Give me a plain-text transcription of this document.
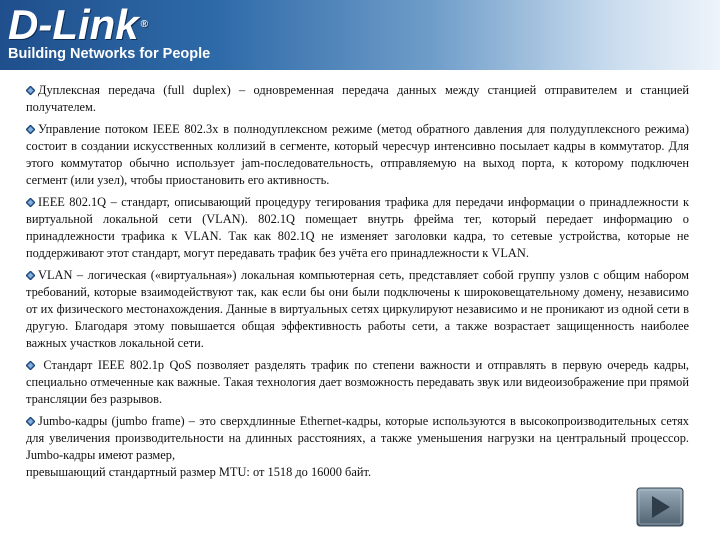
D-Link ®
Building Networks for People

Дуплексная передача (full duplex) – одновременная передача данных между станцией отправителем и станцией получателем.

Управление потоком IEEE 802.3x в полнодуплексном режиме (метод обратного давления для полудуплексного режима) состоит в создании искусственных коллизий в сегменте, который чересчур интенсивно посылает кадры в коммутатор. Для этого коммутатор обычно использует jam-последовательность, отправляемую на выход порта, к которому подключен сегмент (или узел), чтобы приостановить его активность.

IEEE 802.1Q – стандарт, описывающий процедуру тегирования трафика для передачи информации о принадлежности к виртуальной локальной сети (VLAN). 802.1Q помещает внутрь фрейма тег, который передает информацию о принадлежности трафика к VLAN. Так как 802.1Q не изменяет заголовки кадра, то сетевые устройства, которые не поддерживают этот стандарт, могут передавать трафик без учёта его принадлежности к VLAN.

VLAN – логическая («виртуальная») локальная компьютерная сеть, представляет собой группу узлов с общим набором требований, которые взаимодействуют так, как если бы они были подключены к широковещательному домену, независимо от их физического местонахождения. Данные в виртуальных сетях циркулируют независимо и не проникают из одной сети в другую. Благодаря этому повышается общая эффективность работы сети, а также возрастает защищенность наиболее важных участков локальной сети.

Стандарт IEEE 802.1p QoS позволяет разделять трафик по степени важности и отправлять в первую очередь кадры, специально отмеченные как важные. Такая технология дает возможность передавать звук или видеоизображение при прямой трансляции без разрывов.

Jumbo-кадры (jumbo frame) – это сверхдлинные Ethernet-кадры, которые используются в высокопроизводительных сетях для увеличения производительности на длинных расстояниях, а также уменьшения нагрузки на центральный процессор. Jumbo-кадры имеют размер,

превышающий стандартный размер MTU: от 1518 до 16000 байт.
